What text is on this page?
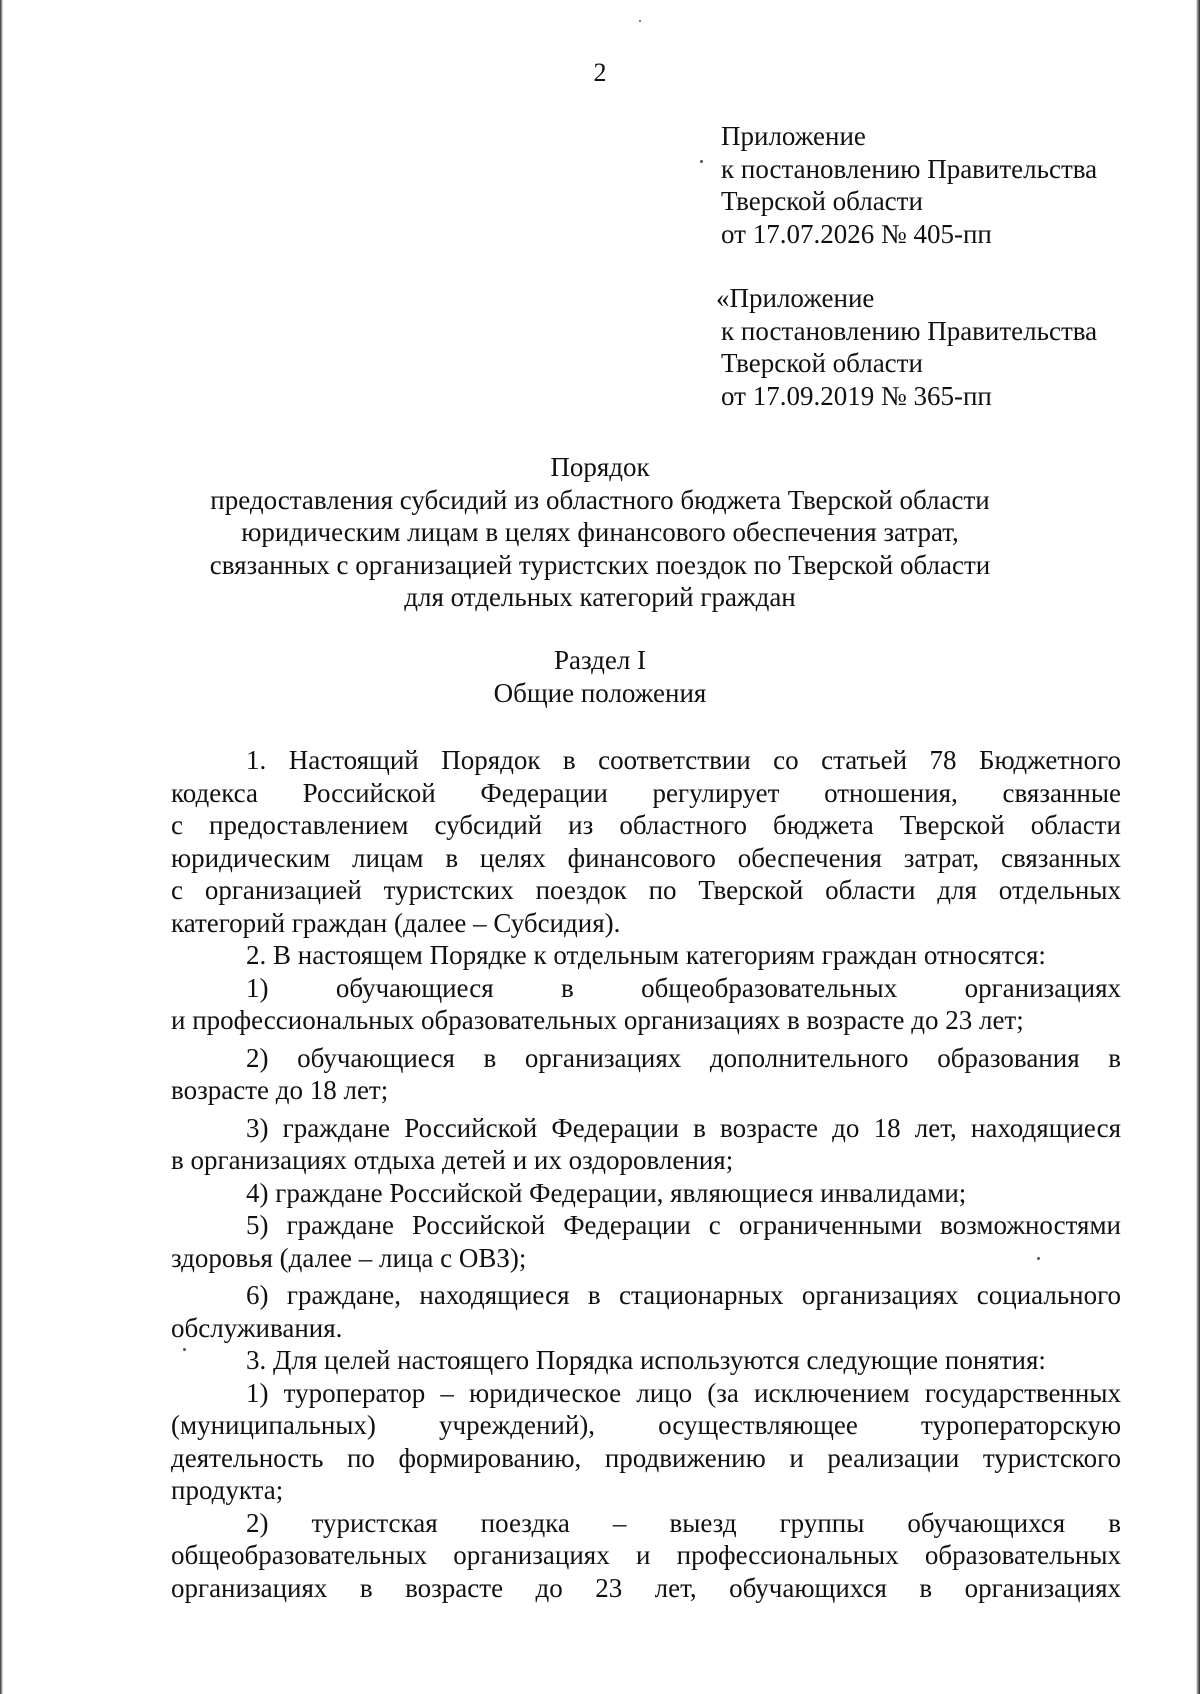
2
Приложение
к постановлению Правительства
Тверской области
от 17.07.2026 № 405-пп
«Приложение
к постановлению Правительства
Тверской области
от 17.09.2019 № 365-пп
Порядок
предоставления субсидий из областного бюджета Тверской области
юридическим лицам в целях финансового обеспечения затрат,
связанных с организацией туристских поездок по Тверской области
для отдельных категорий граждан
Раздел I
Общие положения
1. Настоящий Порядок в соответствии со статьей 78 Бюджетного
кодекса Российской Федерации регулирует отношения, связанные
с предоставлением субсидий из областного бюджета Тверской области
юридическим лицам в целях финансового обеспечения затрат, связанных
с организацией туристских поездок по Тверской области для отдельных
категорий граждан (далее – Субсидия).
2. В настоящем Порядке к отдельным категориям граждан относятся:
1) обучающиеся в общеобразовательных организациях
и профессиональных образовательных организациях в возрасте до 23 лет;
2) обучающиеся в организациях дополнительного образования в
возрасте до 18 лет;
3) граждане Российской Федерации в возрасте до 18 лет, находящиеся
в организациях отдыха детей и их оздоровления;
4) граждане Российской Федерации, являющиеся инвалидами;
5) граждане Российской Федерации с ограниченными возможностями
здоровья (далее – лица с ОВЗ);
6) граждане, находящиеся в стационарных организациях социального
обслуживания.
3. Для целей настоящего Порядка используются следующие понятия:
1) туроператор – юридическое лицо (за исключением государственных
(муниципальных) учреждений), осуществляющее туроператорскую
деятельность по формированию, продвижению и реализации туристского
продукта;
2) туристская поездка – выезд группы обучающихся в
общеобразовательных организациях и профессиональных образовательных
организациях в возрасте до 23 лет, обучающихся в организациях
